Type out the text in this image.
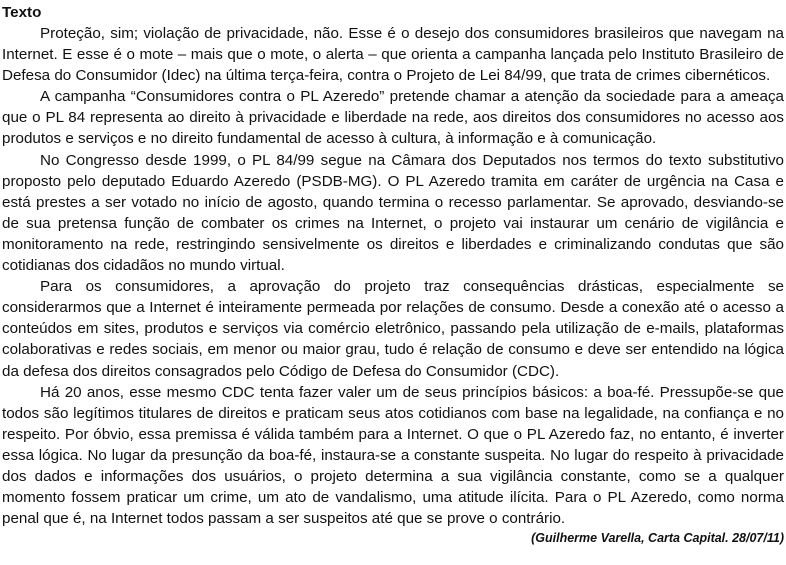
Texto

Proteção, sim; violação de privacidade, não. Esse é o desejo dos consumidores brasileiros que navegam na Internet. E esse é o mote – mais que o mote, o alerta – que orienta a campanha lançada pelo Instituto Brasileiro de Defesa do Consumidor (Idec) na última terça-feira, contra o Projeto de Lei 84/99, que trata de crimes cibernéticos.

A campanha “Consumidores contra o PL Azeredo” pretende chamar a atenção da sociedade para a ameaça que o PL 84 representa ao direito à privacidade e liberdade na rede, aos direitos dos consumidores no acesso aos produtos e serviços e no direito fundamental de acesso à cultura, à informação e à comunicação.

No Congresso desde 1999, o PL 84/99 segue na Câmara dos Deputados nos termos do texto substitutivo proposto pelo deputado Eduardo Azeredo (PSDB-MG). O PL Azeredo tramita em caráter de urgência na Casa e está prestes a ser votado no início de agosto, quando termina o recesso parlamentar. Se aprovado, desviando-se de sua pretensa função de combater os crimes na Internet, o projeto vai instaurar um cenário de vigilância e monitoramento na rede, restringindo sensivelmente os direitos e liberdades e criminalizando condutas que são cotidianas dos cidadãos no mundo virtual.

Para os consumidores, a aprovação do projeto traz consequências drásticas, especialmente se considerarmos que a Internet é inteiramente permeada por relações de consumo. Desde a conexão até o acesso a conteúdos em sites, produtos e serviços via comércio eletrônico, passando pela utilização de e-mails, plataformas colaborativas e redes sociais, em menor ou maior grau, tudo é relação de consumo e deve ser entendido na lógica da defesa dos direitos consagrados pelo Código de Defesa do Consumidor (CDC).

Há 20 anos, esse mesmo CDC tenta fazer valer um de seus princípios básicos: a boa-fé. Pressupõe-se que todos são legítimos titulares de direitos e praticam seus atos cotidianos com base na legalidade, na confiança e no respeito. Por óbvio, essa premissa é válida também para a Internet. O que o PL Azeredo faz, no entanto, é inverter essa lógica. No lugar da presunção da boa-fé, instaura-se a constante suspeita. No lugar do respeito à privacidade dos dados e informações dos usuários, o projeto determina a sua vigilância constante, como se a qualquer momento fossem praticar um crime, um ato de vandalismo, uma atitude ilícita. Para o PL Azeredo, como norma penal que é, na Internet todos passam a ser suspeitos até que se prove o contrário.

(Guilherme Varella, Carta Capital. 28/07/11)
